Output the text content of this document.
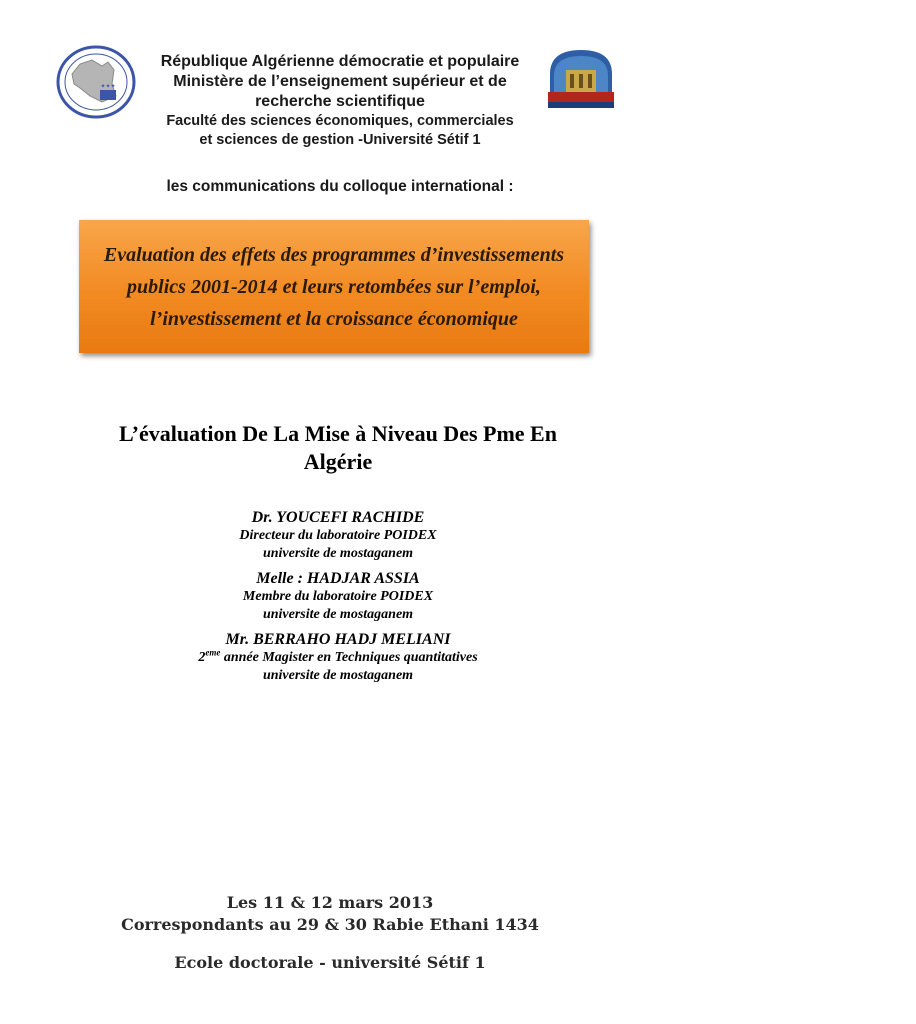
✦✦✦
République Algérienne démocratie et populaire
Ministère de l’enseignement supérieur et de
recherche scientifique
Faculté des sciences économiques, commerciales
et sciences de gestion -Université Sétif 1
les communications du colloque international :
Evaluation des effets des programmes d’investissements
publics 2001-2014 et leurs retombées sur l’emploi,
l’investissement et la croissance économique
L’évaluation De La Mise à Niveau Des Pme En
Algérie
Dr. YOUCEFI RACHIDE
Directeur du laboratoire POIDEX
universite de mostaganem
Melle : HADJAR ASSIA
Membre du laboratoire POIDEX
universite de mostaganem
Mr. BERRAHO HADJ MELIANI
2eme année Magister en Techniques quantitatives
universite de mostaganem
Les 11 & 12 mars 2013
Correspondants au 29 & 30 Rabie Ethani 1434
Ecole doctorale - université Sétif 1
